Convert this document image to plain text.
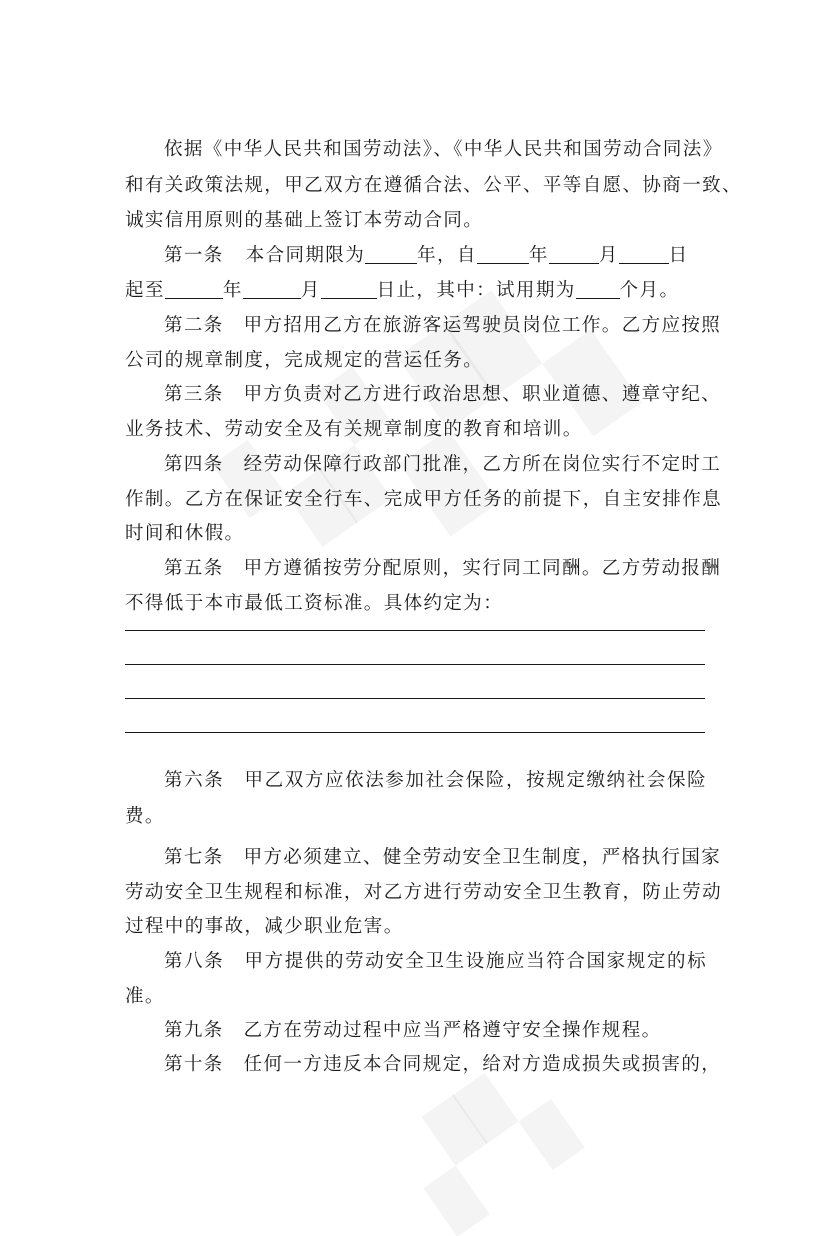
依据《中华人民共和国劳动法》、《中华人民共和国劳动合同法》
和有关政策法规，甲乙双方在遵循合法、公平、平等自愿、协商一致、
诚实信用原则的基础上签订本劳动合同。
第一条 本合同期限为	年，自	年	月	日
起至	年	月	日止，其中：试用期为 个月。
第二条　甲方招用乙方在旅游客运驾驶员岗位工作。乙方应按照
公司的规章制度，完成规定的营运任务。
第三条　甲方负责对乙方进行政治思想、职业道德、遵章守纪、
业务技术、劳动安全及有关规章制度的教育和培训。
第四条　经劳动保障行政部门批准，乙方所在岗位实行不定时工
作制。乙方在保证安全行车、完成甲方任务的前提下，自主安排作息
时间和休假。
第五条　甲方遵循按劳分配原则，实行同工同酬。乙方劳动报酬
不得低于本市最低工资标准。具体约定为：
第六条　甲乙双方应依法参加社会保险，按规定缴纳社会保险
费。
第七条　甲方必须建立、健全劳动安全卫生制度，严格执行国家
劳动安全卫生规程和标准，对乙方进行劳动安全卫生教育，防止劳动
过程中的事故，减少职业危害。
第八条　甲方提供的劳动安全卫生设施应当符合国家规定的标
准。
第九条　乙方在劳动过程中应当严格遵守安全操作规程。
第十条　任何一方违反本合同规定，给对方造成损失或损害的，
